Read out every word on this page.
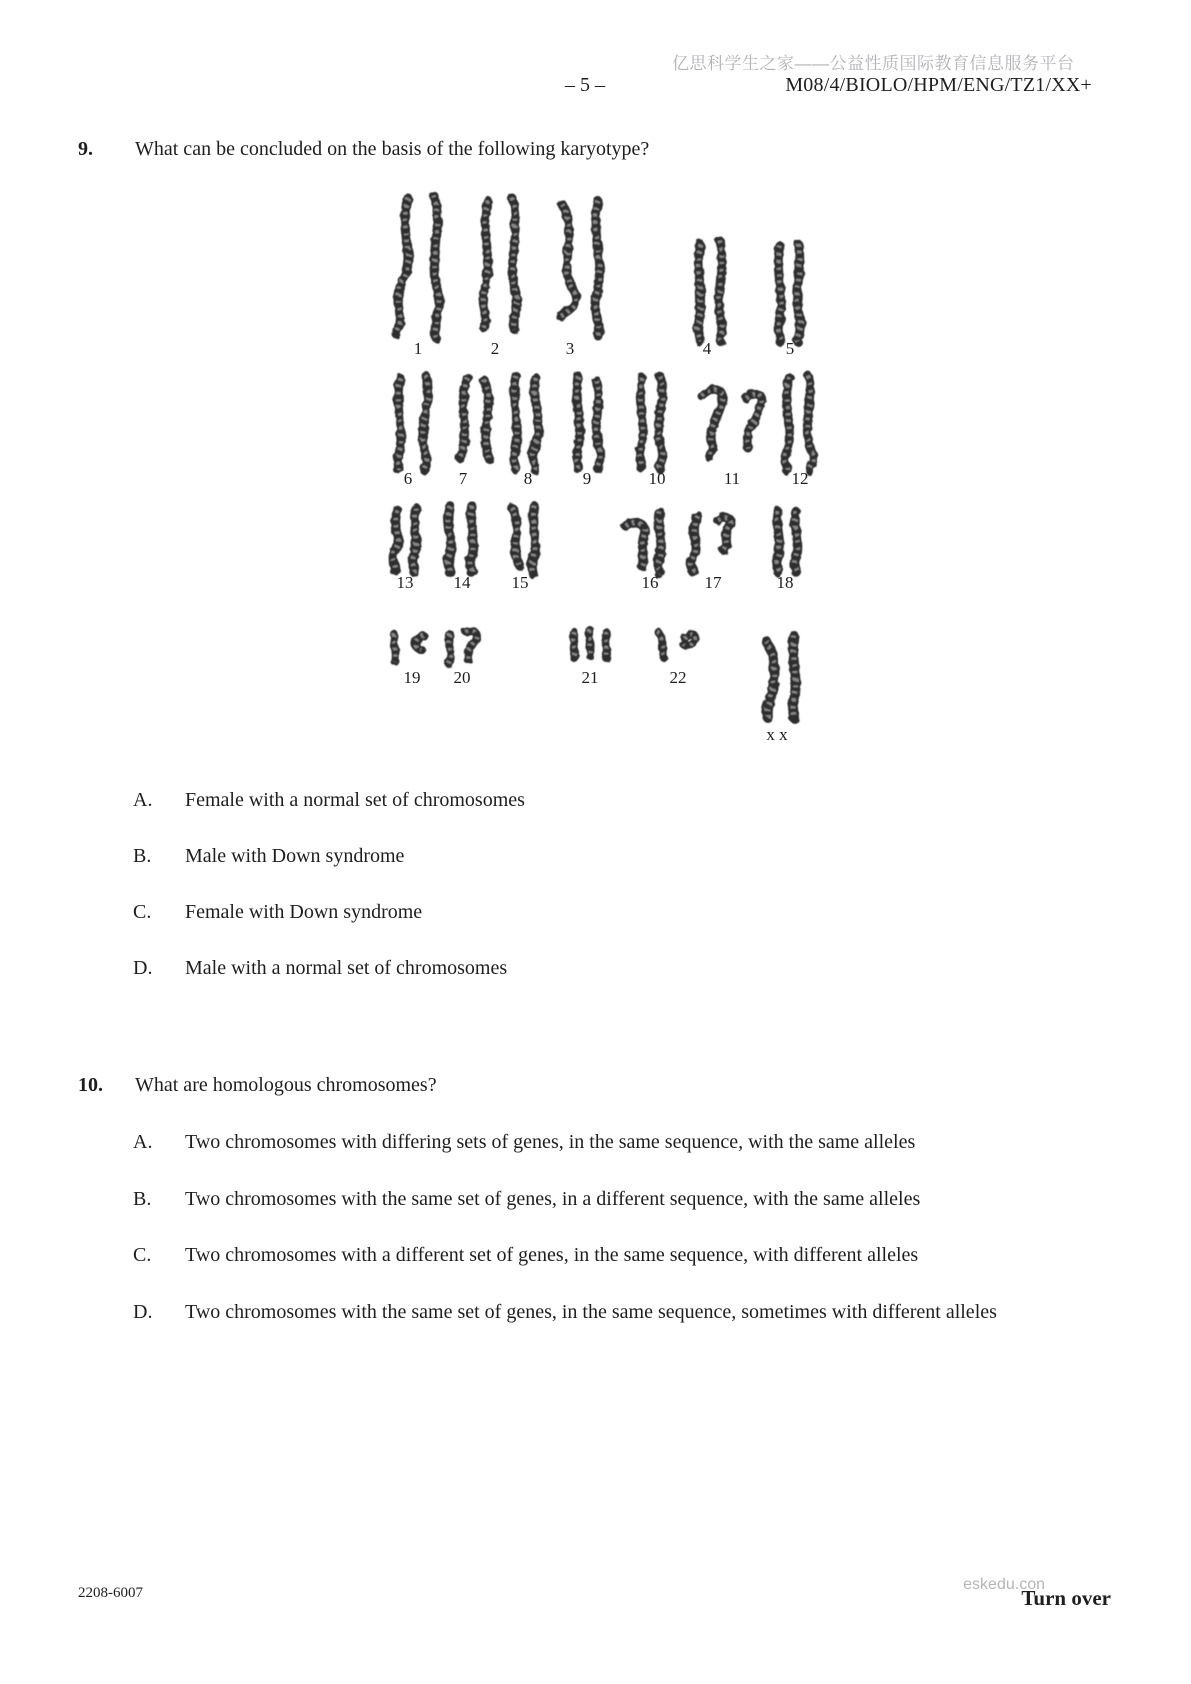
亿思科学生之家——公益性质国际教育信息服务平台
– 5 –	M08/4/BIOLO/HPM/ENG/TZ1/XX+
9.	What can be concluded on the basis of the following karyotype?
1	2	3	4	5
6	7	8	9	10	11	12
13 14 15	16	17	18
19 20	21	22
x x
A.	Female with a normal set of chromosomes
B.	Male with Down syndrome
C.	Female with Down syndrome
D.	Male with a normal set of chromosomes
10.	What are homologous chromosomes?
A.	Two chromosomes with differing sets of genes, in the same sequence, with the same alleles
B.	Two chromosomes with the same set of genes, in a different sequence, with the same alleles
C.	Two chromosomes with a different set of genes, in the same sequence, with different alleles
D.	Two chromosomes with the same set of genes, in the same sequence, sometimes with different alleles
2208-6007	eskedu.con
Turn over
